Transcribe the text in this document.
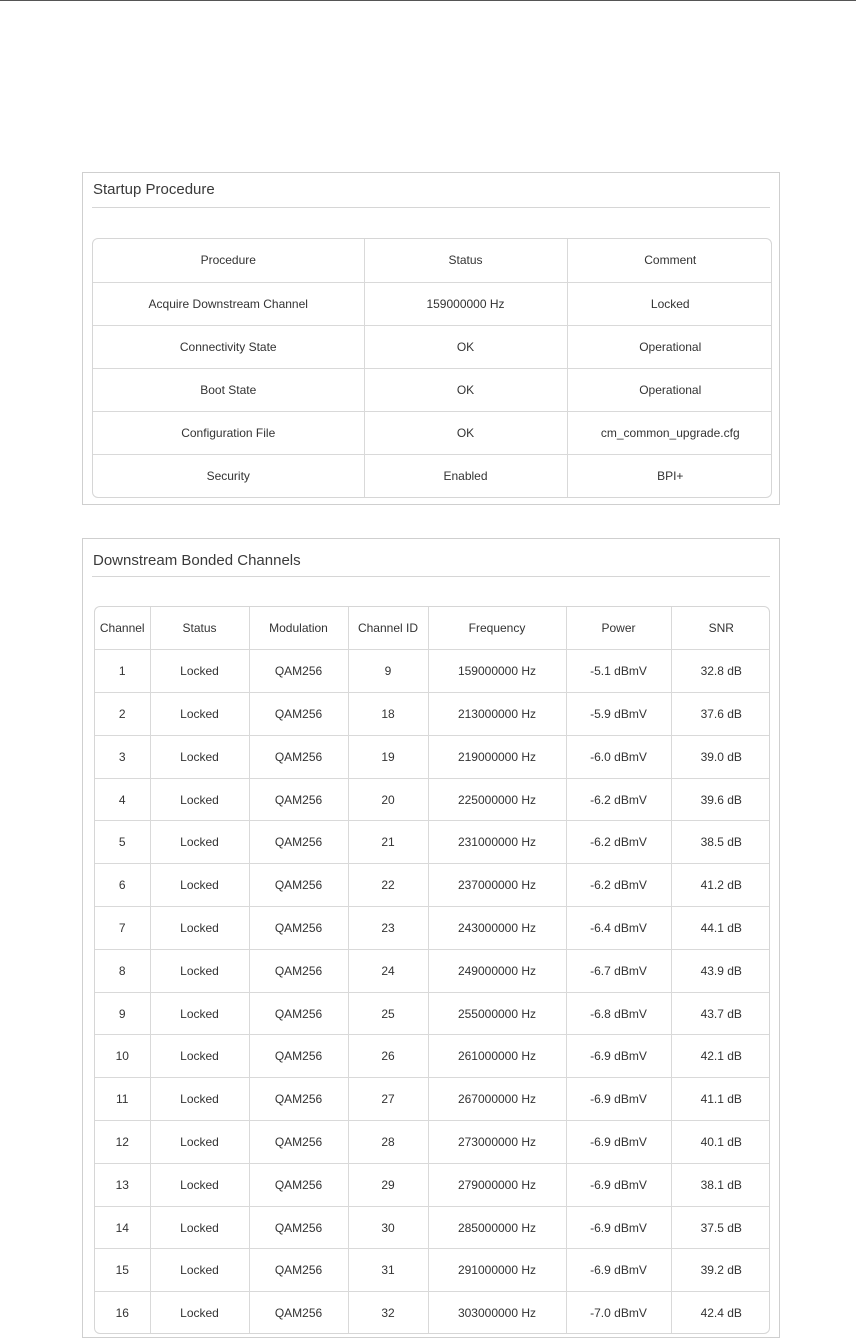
Startup Procedure
Procedure	Status	Comment
Acquire Downstream Channel	159000000 Hz	Locked
Connectivity State	OK	Operational
Boot State	OK	Operational
Configuration File	OK	cm_common_upgrade.cfg
Security	Enabled	BPI+
Downstream Bonded Channels
Channel	Status	Modulation	Channel ID	Frequency	Power	SNR
1	Locked	QAM256	9	159000000 Hz	-5.1 dBmV	32.8 dB
2	Locked	QAM256	18	213000000 Hz	-5.9 dBmV	37.6 dB
3	Locked	QAM256	19	219000000 Hz	-6.0 dBmV	39.0 dB
4	Locked	QAM256	20	225000000 Hz	-6.2 dBmV	39.6 dB
5	Locked	QAM256	21	231000000 Hz	-6.2 dBmV	38.5 dB
6	Locked	QAM256	22	237000000 Hz	-6.2 dBmV	41.2 dB
7	Locked	QAM256	23	243000000 Hz	-6.4 dBmV	44.1 dB
8	Locked	QAM256	24	249000000 Hz	-6.7 dBmV	43.9 dB
9	Locked	QAM256	25	255000000 Hz	-6.8 dBmV	43.7 dB
10	Locked	QAM256	26	261000000 Hz	-6.9 dBmV	42.1 dB
11	Locked	QAM256	27	267000000 Hz	-6.9 dBmV	41.1 dB
12	Locked	QAM256	28	273000000 Hz	-6.9 dBmV	40.1 dB
13	Locked	QAM256	29	279000000 Hz	-6.9 dBmV	38.1 dB
14	Locked	QAM256	30	285000000 Hz	-6.9 dBmV	37.5 dB
15	Locked	QAM256	31	291000000 Hz	-6.9 dBmV	39.2 dB
16	Locked	QAM256	32	303000000 Hz	-7.0 dBmV	42.4 dB
